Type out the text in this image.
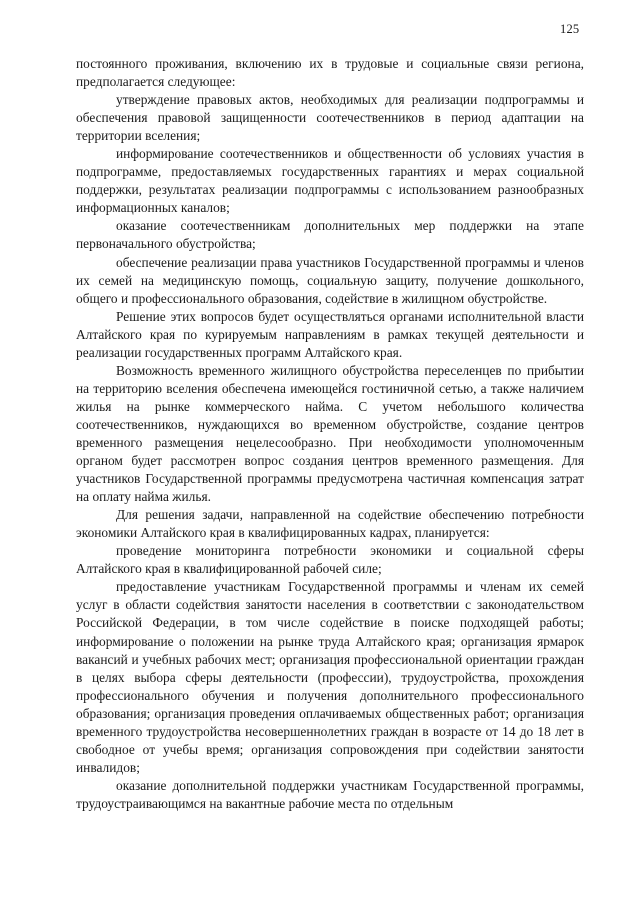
125

постоянного проживания, включению их в трудовые и социальные связи региона, предполагается следующее:

утверждение правовых актов, необходимых для реализации подпрограммы и обеспечения правовой защищенности соотечественников в период адаптации на территории вселения;

информирование соотечественников и общественности об условиях участия в подпрограмме, предоставляемых государственных гарантиях и мерах социальной поддержки, результатах реализации подпрограммы с использованием разнообразных информационных каналов;

оказание соотечественникам дополнительных мер поддержки на этапе первоначального обустройства;

обеспечение реализации права участников Государственной программы и членов их семей на медицинскую помощь, социальную защиту, получение дошкольного, общего и профессионального образования, содействие в жилищном обустройстве.

Решение этих вопросов будет осуществляться органами исполнительной власти Алтайского края по курируемым направлениям в рамках текущей деятельности и реализации государственных программ Алтайского края.

Возможность временного жилищного обустройства переселенцев по прибытии на территорию вселения обеспечена имеющейся гостиничной сетью, а также наличием жилья на рынке коммерческого найма. С учетом небольшого количества соотечественников, нуждающихся во временном обустройстве, создание центров временного размещения нецелесообразно. При необходимости уполномоченным органом будет рассмотрен вопрос создания центров временного размещения. Для участников Государственной программы предусмотрена частичная компенсация затрат на оплату найма жилья.

Для решения задачи, направленной на содействие обеспечению потребности экономики Алтайского края в квалифицированных кадрах, планируется:

проведение мониторинга потребности экономики и социальной сферы Алтайского края в квалифицированной рабочей силе;

предоставление участникам Государственной программы и членам их семей услуг в области содействия занятости населения в соответствии с законодательством Российской Федерации, в том числе содействие в поиске подходящей работы; информирование о положении на рынке труда Алтайского края; организация ярмарок вакансий и учебных рабочих мест; организация профессиональной ориентации граждан в целях выбора сферы деятельности (профессии), трудоустройства, прохождения профессионального обучения и получения дополнительного профессионального образования; организация проведения оплачиваемых общественных работ; организация временного трудоустройства несовершеннолетних граждан в возрасте от 14 до 18 лет в свободное от учебы время; организация сопровождения при содействии занятости инвалидов;

оказание дополнительной поддержки участникам Государственной программы, трудоустраивающимся на вакантные рабочие места по отдельным
